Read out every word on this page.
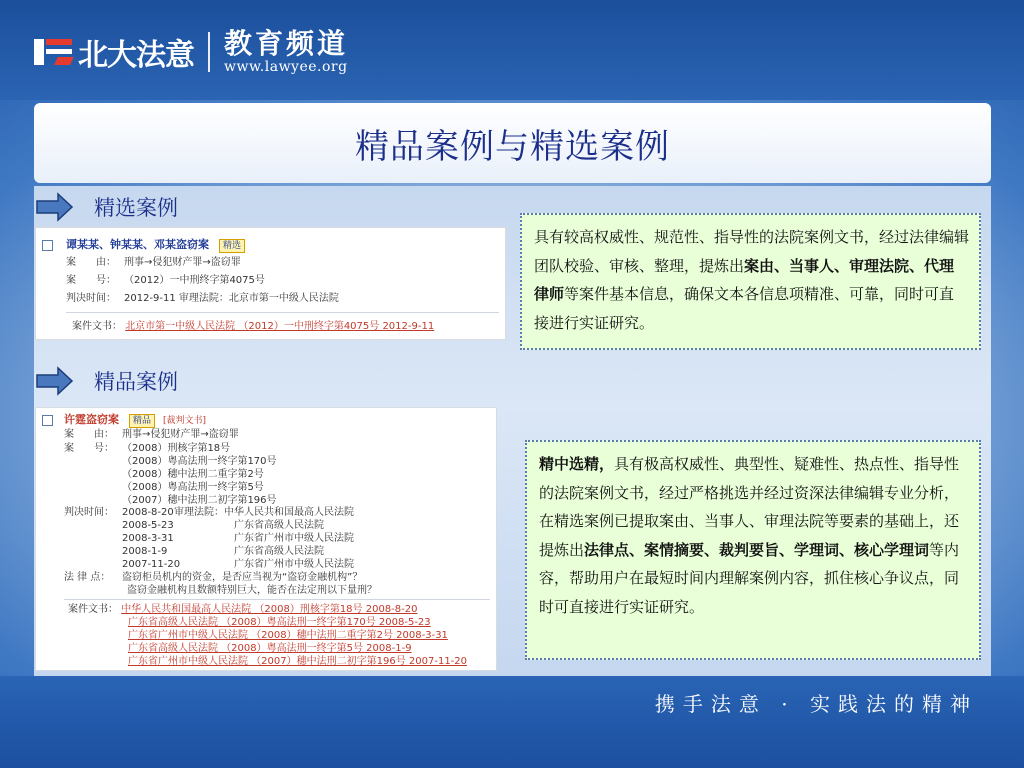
北大法意 教育频道
www.lawyee.org
精品案例与精选案例
精选案例
谭某某、钟某某、邓某盗窃案 精选
案　　由： 刑事→侵犯财产罪→盗窃罪
案　　号： （2012）一中刑终字第4075号
判决时间： 2012-9-11 审理法院：北京市第一中级人民法院
案件文书： 北京市第一中级人民法院 （2012）一中刑终字第4075号 2012-9-11
具有较高权威性、规范性、指导性的法院案例文书，经过法律编辑团队校验、审核、整理，提炼出案由、当事人、审理法院、代理律师等案件基本信息，确保文本各信息项精准、可靠，同时可直接进行实证研究。
精品案例
许霆盗窃案 精品 [裁判文书]
案　　由： 刑事→侵犯财产罪→盗窃罪
案　　号： （2008）刑核字第18号
（2008）粤高法刑一终字第170号
（2008）穗中法刑二重字第2号
（2008）粤高法刑一终字第5号
（2007）穗中法刑二初字第196号
判决时间： 2008-8-20审理法院：中华人民共和国最高人民法院
2008-5-23	广东省高级人民法院
2008-3-31	广东省广州市中级人民法院
2008-1-9	广东省高级人民法院
2007-11-20	广东省广州市中级人民法院
法 律 点： 盗窃柜员机内的资金，是否应当视为“盗窃金融机构”？
盗窃金融机构且数额特别巨大，能否在法定刑以下量刑？
案件文书： 中华人民共和国最高人民法院 （2008）刑核字第18号 2008-8-20
广东省高级人民法院 （2008）粤高法刑一终字第170号 2008-5-23
广东省广州市中级人民法院 （2008）穗中法刑二重字第2号 2008-3-31
广东省高级人民法院 （2008）粤高法刑一终字第5号 2008-1-9
广东省广州市中级人民法院 （2007）穗中法刑二初字第196号 2007-11-20
精中选精，具有极高权威性、典型性、疑难性、热点性、指导性的法院案例文书，经过严格挑选并经过资深法律编辑专业分析，在精选案例已提取案由、当事人、审理法院等要素的基础上，还提炼出法律点、案情摘要、裁判要旨、学理词、核心学理词等内容，帮助用户在最短时间内理解案例内容，抓住核心争议点，同时可直接进行实证研究。
携手法意 · 实践法的精神
